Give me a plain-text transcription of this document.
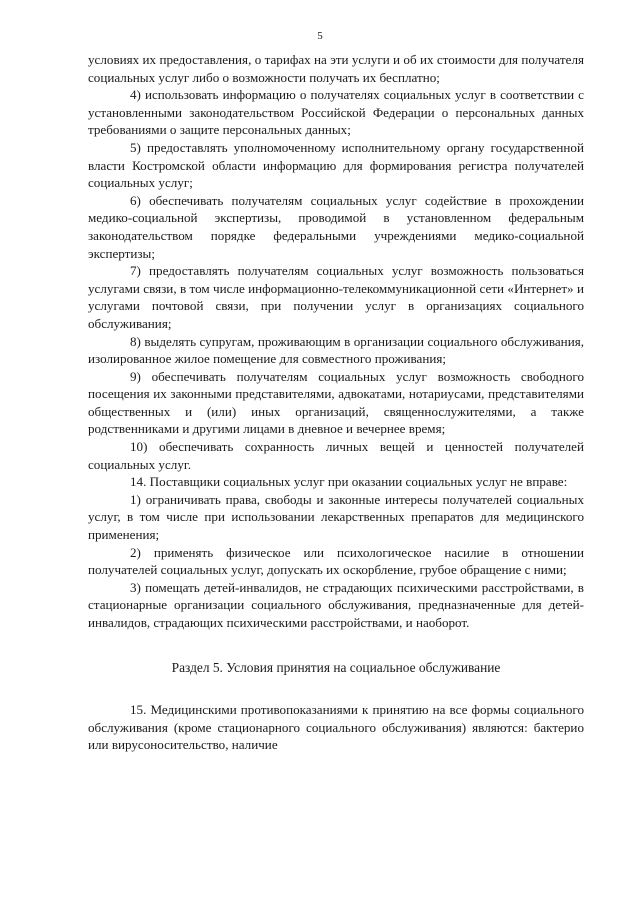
5

условиях их предоставления, о тарифах на эти услуги и об их стоимости для получателя социальных услуг либо о возможности получать их бесплатно;

4) использовать информацию о получателях социальных услуг в соответствии с установленными законодательством Российской Федерации о персональных данных требованиями о защите персональных данных;

5) предоставлять уполномоченному исполнительному органу государственной власти Костромской области информацию для формирования регистра получателей социальных услуг;

6) обеспечивать получателям социальных услуг содействие в прохождении медико-социальной экспертизы, проводимой в установленном федеральным законодательством порядке федеральными учреждениями медико-социальной экспертизы;

7) предоставлять получателям социальных услуг возможность пользоваться услугами связи, в том числе информационно-телекоммуникационной сети «Интернет» и услугами почтовой связи, при получении услуг в организациях социального обслуживания;

8) выделять супругам, проживающим в организации социального обслуживания, изолированное жилое помещение для совместного проживания;

9) обеспечивать получателям социальных услуг возможность свободного посещения их законными представителями, адвокатами, нотариусами, представителями общественных и (или) иных организаций, священнослужителями, а также родственниками и другими лицами в дневное и вечернее время;

10) обеспечивать сохранность личных вещей и ценностей получателей социальных услуг.

14. Поставщики социальных услуг при оказании социальных услуг не вправе:

1) ограничивать права, свободы и законные интересы получателей социальных услуг, в том числе при использовании лекарственных препаратов для медицинского применения;

2) применять физическое или психологическое насилие в отношении получателей социальных услуг, допускать их оскорбление, грубое обращение с ними;

3) помещать детей-инвалидов, не страдающих психическими расстройствами, в стационарные организации социального обслуживания, предназначенные для детей-инвалидов, страдающих психическими расстройствами, и наоборот.

Раздел 5. Условия принятия на социальное обслуживание

15. Медицинскими противопоказаниями к принятию на все формы социального обслуживания (кроме стационарного социального обслуживания) являются: бактерио или вирусоносительство, наличие
